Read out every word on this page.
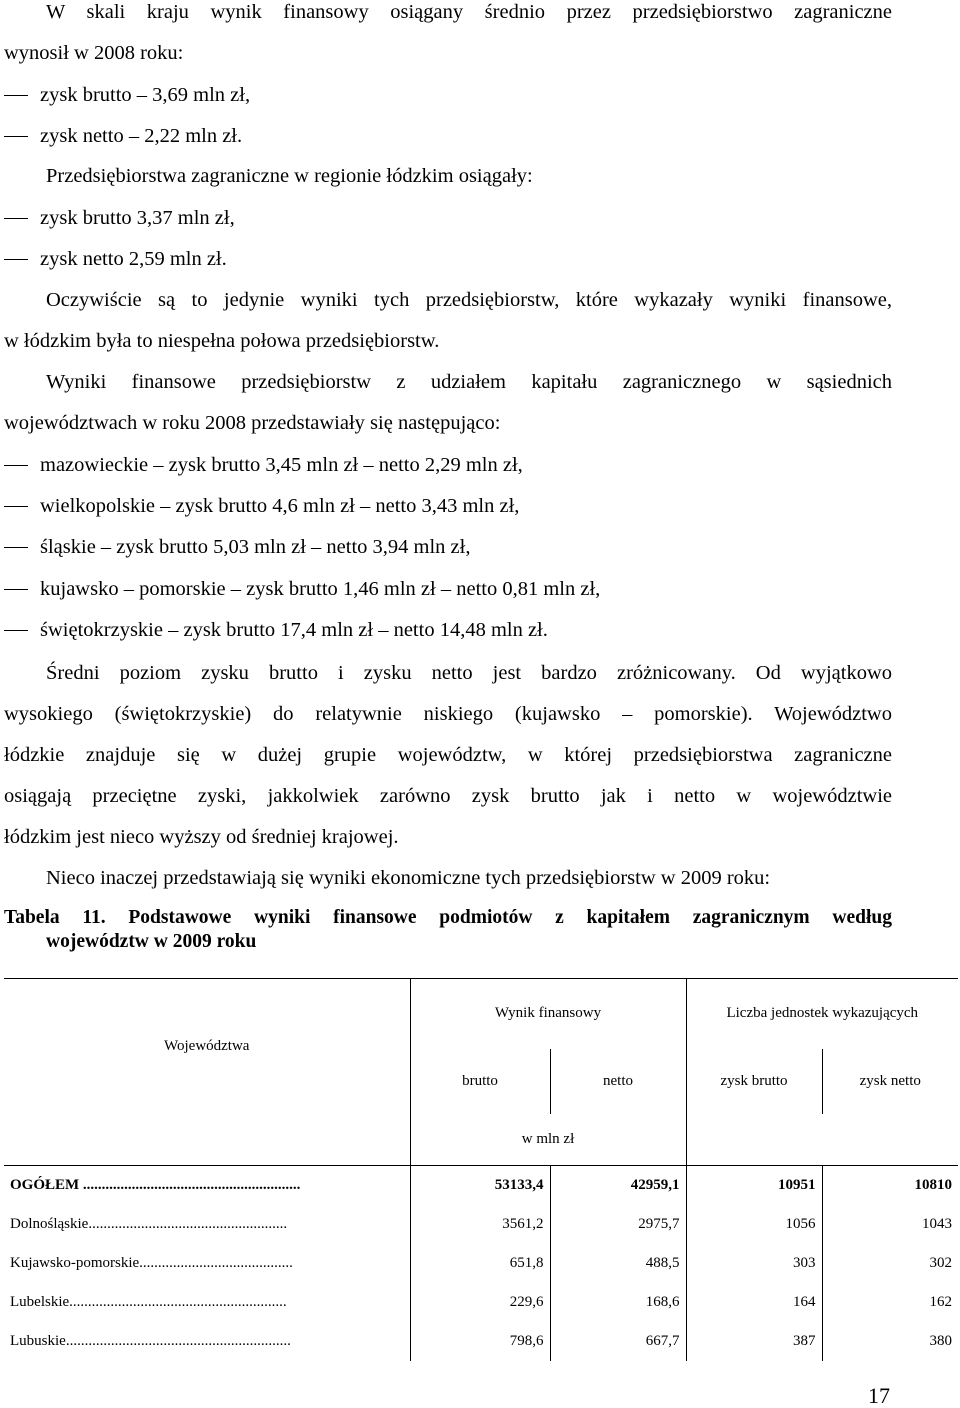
W skali kraju wynik finansowy osiągany średnio przez przedsiębiorstwo zagraniczne
wynosił w 2008 roku:
zysk brutto – 3,69 mln zł,
zysk netto – 2,22 mln zł.
Przedsiębiorstwa zagraniczne w regionie łódzkim osiągały:
zysk brutto 3,37 mln zł,
zysk netto 2,59 mln zł.
Oczywiście są to jedynie wyniki tych przedsiębiorstw, które wykazały wyniki finansowe,
w łódzkim była to niespełna połowa przedsiębiorstw.
Wyniki finansowe przedsiębiorstw z udziałem kapitału zagranicznego w sąsiednich
województwach w roku 2008 przedstawiały się następująco:
mazowieckie – zysk brutto 3,45 mln zł – netto 2,29 mln zł,
wielkopolskie – zysk brutto 4,6 mln zł – netto 3,43 mln zł,
śląskie – zysk brutto 5,03 mln zł – netto 3,94 mln zł,
kujawsko – pomorskie – zysk brutto 1,46 mln zł – netto 0,81 mln zł,
świętokrzyskie – zysk brutto 17,4 mln zł – netto 14,48 mln zł.
Średni poziom zysku brutto i zysku netto jest bardzo zróżnicowany. Od wyjątkowo
wysokiego (świętokrzyskie) do relatywnie niskiego (kujawsko – pomorskie). Województwo
łódzkie znajduje się w dużej grupie województw, w której przedsiębiorstwa zagraniczne
osiągają przeciętne zyski, jakkolwiek zarówno zysk brutto jak i netto w województwie
łódzkim jest nieco wyższy od średniej krajowej.
Nieco inaczej przedstawiają się wyniki ekonomiczne tych przedsiębiorstw w 2009 roku:
Tabela 11. Podstawowe wyniki finansowe podmiotów z kapitałem zagranicznym według
województw w 2009 roku
Województwa	Wynik finansowy		Liczba jednostek wykazujących	
	brutto	netto	zysk brutto	zysk netto
	w mln zł			
OGÓŁEM ..........................................................	53133,4	42959,1	10951	10810
Dolnośląskie.....................................................	3561,2	2975,7	1056	1043
Kujawsko-pomorskie.........................................	651,8	488,5	303	302
Lubelskie..........................................................	229,6	168,6	164	162
Lubuskie............................................................	798,6	667,7	387	380
17
